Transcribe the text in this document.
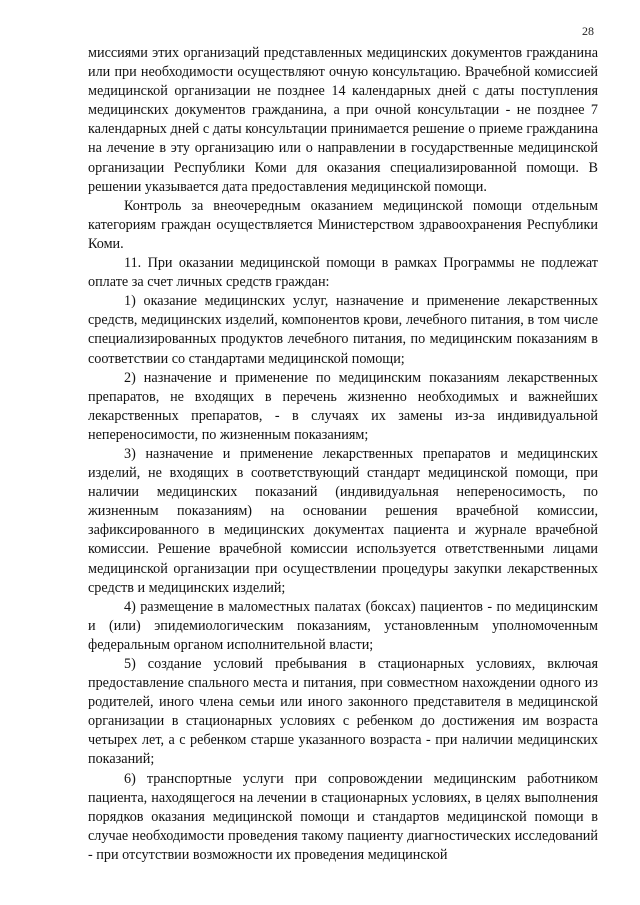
28

миссиями этих организаций представленных медицинских документов гражданина или при необходимости осуществляют очную консультацию. Врачебной комиссией медицинской организации не позднее 14 календарных дней с даты поступления медицинских документов гражданина, а при очной консультации - не позднее 7 календарных дней с даты консультации принимается решение о приеме гражданина на лечение в эту организацию или о направлении в государственные медицинской организации Республики Коми для оказания специализированной помощи. В решении указывается дата предоставления медицинской помощи.

Контроль за внеочередным оказанием медицинской помощи отдельным категориям граждан осуществляется Министерством здравоохранения Республики Коми.

11. При оказании медицинской помощи в рамках Программы не подлежат оплате за счет личных средств граждан:

1) оказание медицинских услуг, назначение и применение лекарственных средств, медицинских изделий, компонентов крови, лечебного питания, в том числе специализированных продуктов лечебного питания, по медицинским показаниям в соответствии со стандартами медицинской помощи;

2) назначение и применение по медицинским показаниям лекарственных препаратов, не входящих в перечень жизненно необходимых и важнейших лекарственных препаратов, - в случаях их замены из-за индивидуальной непереносимости, по жизненным показаниям;

3) назначение и применение лекарственных препаратов и медицинских изделий, не входящих в соответствующий стандарт медицинской помощи, при наличии медицинских показаний (индивидуальная непереносимость, по жизненным показаниям) на основании решения врачебной комиссии, зафиксированного в медицинских документах пациента и журнале врачебной комиссии. Решение врачебной комиссии используется ответственными лицами медицинской организации при осуществлении процедуры закупки лекарственных средств и медицинских изделий;

4) размещение в маломестных палатах (боксах) пациентов - по медицинским и (или) эпидемиологическим показаниям, установленным уполномоченным федеральным органом исполнительной власти;

5) создание условий пребывания в стационарных условиях, включая предоставление спального места и питания, при совместном нахождении одного из родителей, иного члена семьи или иного законного представителя в медицинской организации в стационарных условиях с ребенком до достижения им возраста четырех лет, а с ребенком старше указанного возраста - при наличии медицинских показаний;

6) транспортные услуги при сопровождении медицинским работником пациента, находящегося на лечении в стационарных условиях, в целях выполнения порядков оказания медицинской помощи и стандартов медицинской помощи в случае необходимости проведения такому пациенту диагностических исследований - при отсутствии возможности их проведения медицинской
